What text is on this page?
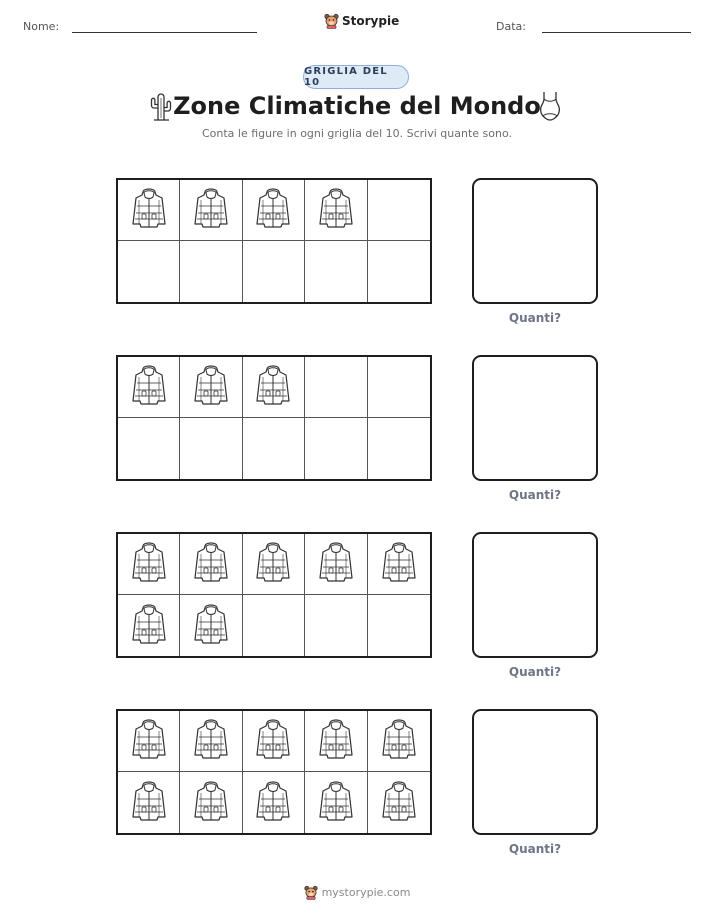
Nome:	Storypie	Data:
GRIGLIA DEL 10
Zone Climatiche del Mondo
Conta le figure in ogni griglia del 10. Scrivi quante sono.
Quanti?
Quanti?
Quanti?
Quanti?
mystorypie.com
